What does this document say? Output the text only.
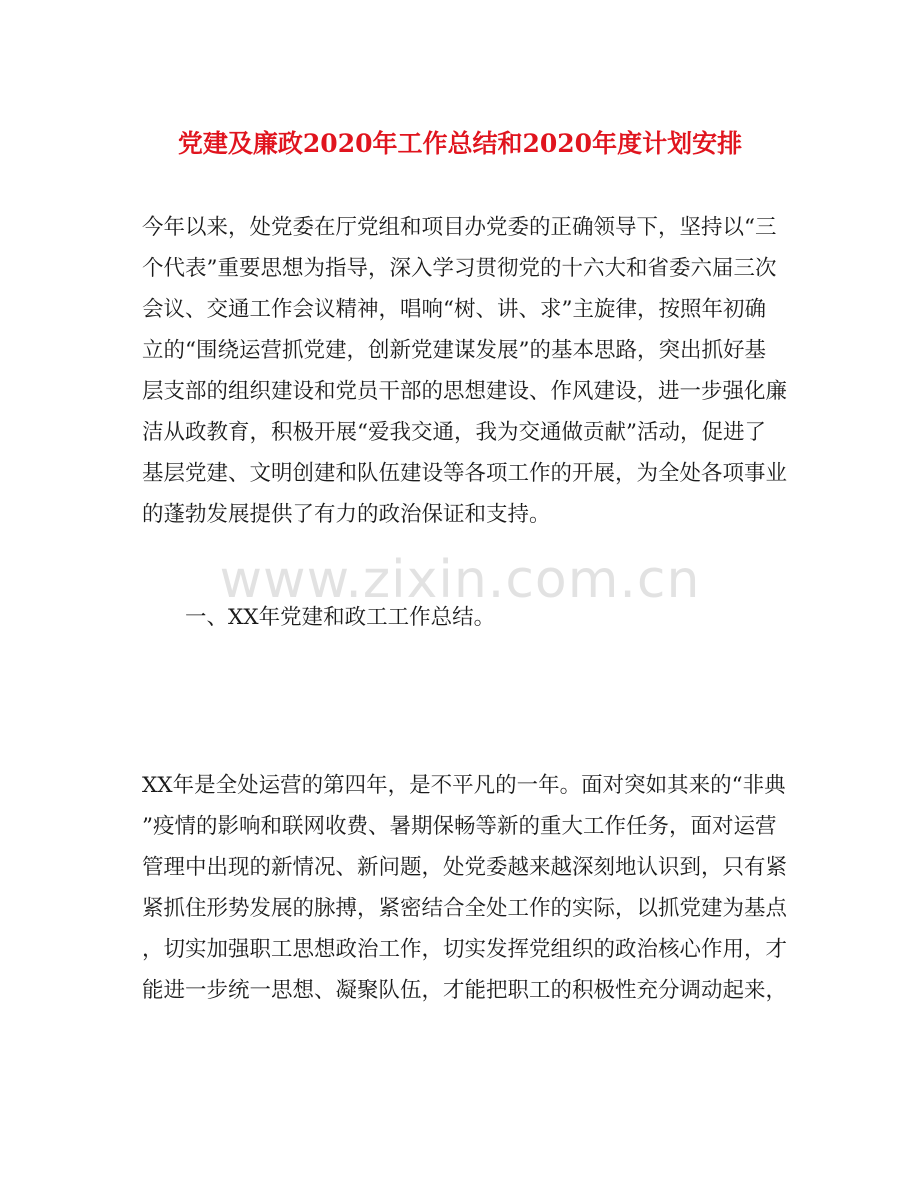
党建及廉政2020年工作总结和2020年度计划安排
今年以来，处党委在厅党组和项目办党委的正确领导下，坚持以“三
个代表”重要思想为指导，深入学习贯彻党的十六大和省委六届三次
会议、交通工作会议精神，唱响“树、讲、求”主旋律，按照年初确
立的“围绕运营抓党建，创新党建谋发展”的基本思路，突出抓好基
层支部的组织建设和党员干部的思想建设、作风建设，进一步强化廉
洁从政教育，积极开展“爱我交通，我为交通做贡献”活动，促进了
基层党建、文明创建和队伍建设等各项工作的开展，为全处各项事业
的蓬勃发展提供了有力的政治保证和支持。
www.zixin.com.cn
一、XX年党建和政工工作总结。
XX年是全处运营的第四年，是不平凡的一年。面对突如其来的“非典
”疫情的影响和联网收费、暑期保畅等新的重大工作任务，面对运营
管理中出现的新情况、新问题，处党委越来越深刻地认识到，只有紧
紧抓住形势发展的脉搏，紧密结合全处工作的实际，以抓党建为基点
，切实加强职工思想政治工作，切实发挥党组织的政治核心作用，才
能进一步统一思想、凝聚队伍，才能把职工的积极性充分调动起来，
